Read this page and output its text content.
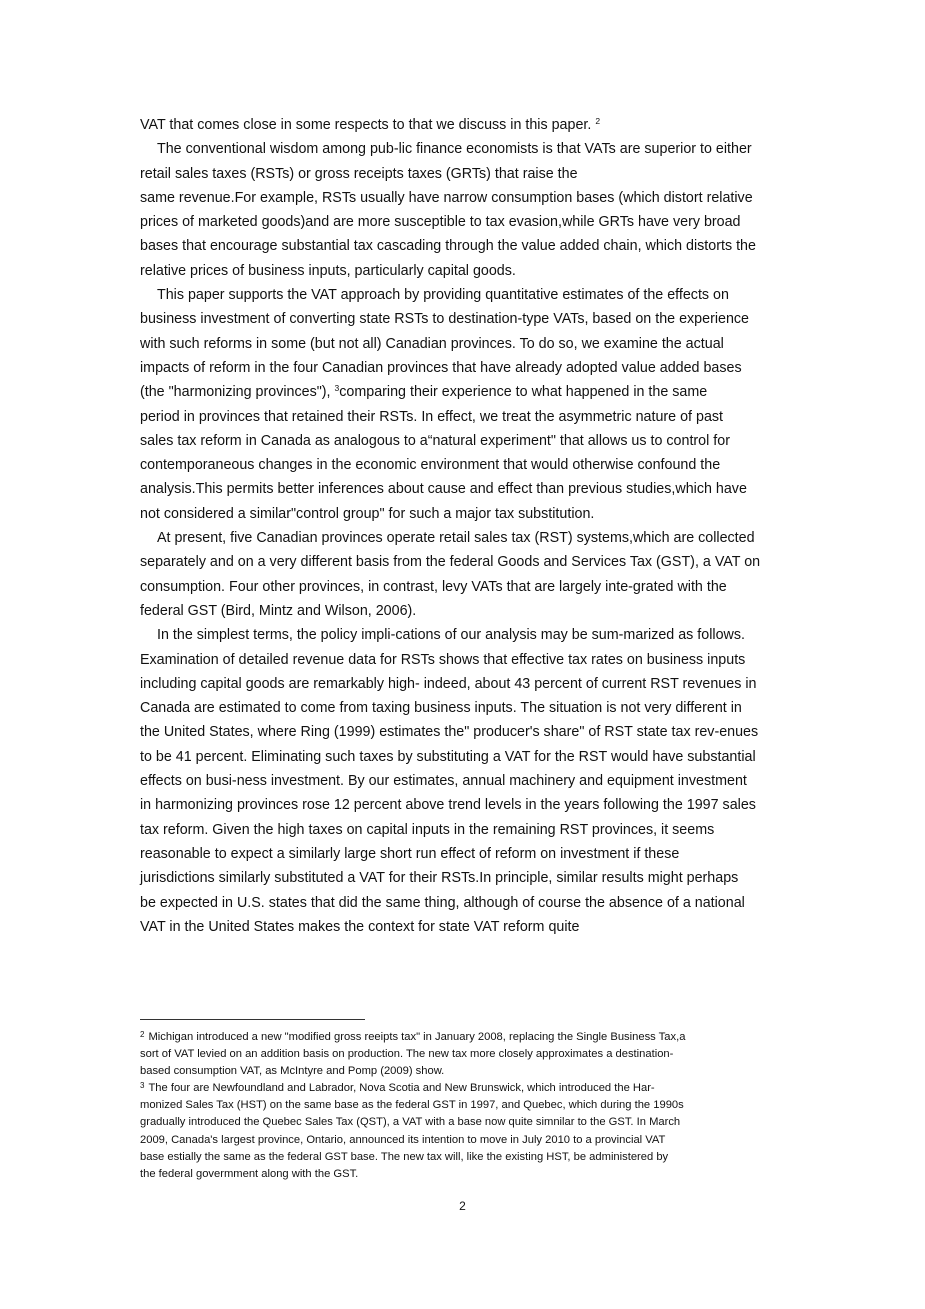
VAT that comes close in some respects to that we discuss in this paper. $^2$
The conventional wisdom among pub-lic finance economists is that VATs are superior to either
retail sales taxes (RSTs) or gross receipts taxes (GRTs) that raise the
same revenue.For example, RSTs usually have narrow consumption bases (which distort relative
prices of marketed goods)and are more susceptible to tax evasion,while GRTs have very broad
bases that encourage substantial tax cascading through the value added chain, which distorts the
relative prices of business inputs, particularly capital goods.
This paper supports the VAT approach by providing quantitative estimates of the effects on
business investment of converting state RSTs to destination-type VATs, based on the experience
with such reforms in some (but not all) Canadian provinces. To do so, we examine the actual
impacts of reform in the four Canadian provinces that have already adopted value added bases
(the "harmonizing provinces"), $^3$comparing their experience to what happened in the same
period in provinces that retained their RSTs. In effect, we treat the asymmetric nature of past
sales tax reform in Canada as analogous to a“natural experiment" that allows us to control for
contemporaneous changes in the economic environment that would otherwise confound the
analysis.This permits better inferences about cause and effect than previous studies,which have
not considered a similar"control group" for such a major tax substitution.
At present, five Canadian provinces operate retail sales tax (RST) systems,which are collected
separately and on a very different basis from the federal Goods and Services Tax (GST), a VAT on
consumption. Four other provinces, in contrast, levy VATs that are largely inte-grated with the
federal GST (Bird, Mintz and Wilson, 2006).
In the simplest terms, the policy impli-cations of our analysis may be sum-marized as follows.
Examination of detailed revenue data for RSTs shows that effective tax rates on business inputs
including capital goods are remarkably high- indeed, about 43 percent of current RST revenues in
Canada are estimated to come from taxing business inputs. The situation is not very different in
the United States, where Ring (1999) estimates the" producer's share" of RST state tax rev-enues
to be 41 percent. Eliminating such taxes by substituting a VAT for the RST would have substantial
effects on busi-ness investment. By our estimates, annual machinery and equipment investment
in harmonizing provinces rose 12 percent above trend levels in the years following the 1997 sales
tax reform. Given the high taxes on capital inputs in the remaining RST provinces, it seems
reasonable to expect a similarly large short run effect of reform on investment if these
jurisdictions similarly substituted a VAT for their RSTs.In principle, similar results might perhaps
be expected in U.S. states that did the same thing, although of course the absence of a national
VAT in the United States makes the context for state VAT reform quite
$^2$ Michigan introduced a new "modified gross reeipts tax" in January 2008, replacing the Single Business Tax,a
sort of VAT levied on an addition basis on production. The new tax more closely approximates a destination-
based consumption VAT, as McIntyre and Pomp (2009) show.
$^3$ The four are Newfoundland and Labrador, Nova Scotia and New Brunswick, which introduced the Har-
monized Sales Tax (HST) on the same base as the federal GST in 1997, and Quebec, which during the 1990s
gradually introduced the Quebec Sales Tax (QST), a VAT with a base now quite simnilar to the GST. In March
2009, Canada's largest province, Ontario, announced its intention to move in July 2010 to a provincial VAT
base estially the same as the federal GST base. The new tax will, like the existing HST, be administered by
the federal govermment along with the GST.
2
